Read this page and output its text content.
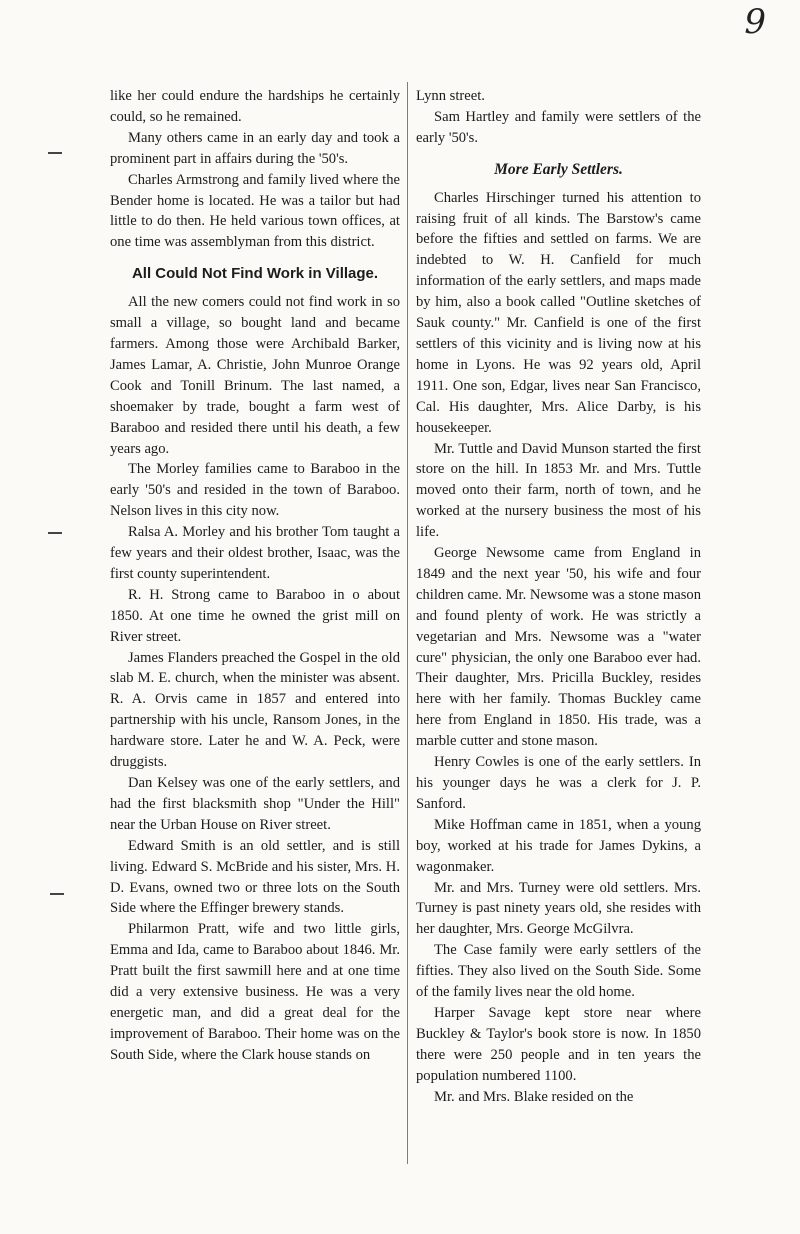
9

like her could endure the hardships he certainly could, so he remained.

Many others came in an early day and took a prominent part in affairs during the '50's.

Charles Armstrong and family lived where the Bender home is located. He was a tailor but had little to do then. He held various town offices, at one time was assemblyman from this district.

All Could Not Find Work in Village.

All the new comers could not find work in so small a village, so bought land and became farmers. Among those were Archibald Barker, James Lamar, A. Christie, John Munroe Orange Cook and Tonill Brinum. The last named, a shoemaker by trade, bought a farm west of Baraboo and resided there until his death, a few years ago.

The Morley families came to Baraboo in the early '50's and resided in the town of Baraboo. Nelson lives in this city now.

Ralsa A. Morley and his brother Tom taught a few years and their oldest brother, Isaac, was the first county superintendent.

R. H. Strong came to Baraboo in o about 1850. At one time he owned the grist mill on River street.

James Flanders preached the Gospel in the old slab M. E. church, when the minister was absent. R. A. Orvis came in 1857 and entered into partnership with his uncle, Ransom Jones, in the hardware store. Later he and W. A. Peck, were druggists.

Dan Kelsey was one of the early settlers, and had the first blacksmith shop "Under the Hill" near the Urban House on River street.

Edward Smith is an old settler, and is still living. Edward S. McBride and his sister, Mrs. H. D. Evans, owned two or three lots on the South Side where the Effinger brewery stands.

Philarmon Pratt, wife and two little girls, Emma and Ida, came to Baraboo about 1846. Mr. Pratt built the first sawmill here and at one time did a very extensive business. He was a very energetic man, and did a great deal for the improvement of Baraboo. Their home was on the South Side, where the Clark house stands on

Lynn street.

Sam Hartley and family were settlers of the early '50's.

More Early Settlers.

Charles Hirschinger turned his attention to raising fruit of all kinds. The Barstow's came before the fifties and settled on farms. We are indebted to W. H. Canfield for much information of the early settlers, and maps made by him, also a book called "Outline sketches of Sauk county." Mr. Canfield is one of the first settlers of this vicinity and is living now at his home in Lyons. He was 92 years old, April 1911. One son, Edgar, lives near San Francisco, Cal. His daughter, Mrs. Alice Darby, is his housekeeper.

Mr. Tuttle and David Munson started the first store on the hill. In 1853 Mr. and Mrs. Tuttle moved onto their farm, north of town, and he worked at the nursery business the most of his life.

George Newsome came from England in 1849 and the next year '50, his wife and four children came. Mr. Newsome was a stone mason and found plenty of work. He was strictly a vegetarian and Mrs. Newsome was a "water cure" physician, the only one Baraboo ever had. Their daughter, Mrs. Pricilla Buckley, resides here with her family. Thomas Buckley came here from England in 1850. His trade, was a marble cutter and stone mason.

Henry Cowles is one of the early settlers. In his younger days he was a clerk for J. P. Sanford.

Mike Hoffman came in 1851, when a young boy, worked at his trade for James Dykins, a wagonmaker.

Mr. and Mrs. Turney were old settlers. Mrs. Turney is past ninety years old, she resides with her daughter, Mrs. George McGilvra.

The Case family were early settlers of the fifties. They also lived on the South Side. Some of the family lives near the old home.

Harper Savage kept store near where Buckley & Taylor's book store is now. In 1850 there were 250 people and in ten years the population numbered 1100.

Mr. and Mrs. Blake resided on the
